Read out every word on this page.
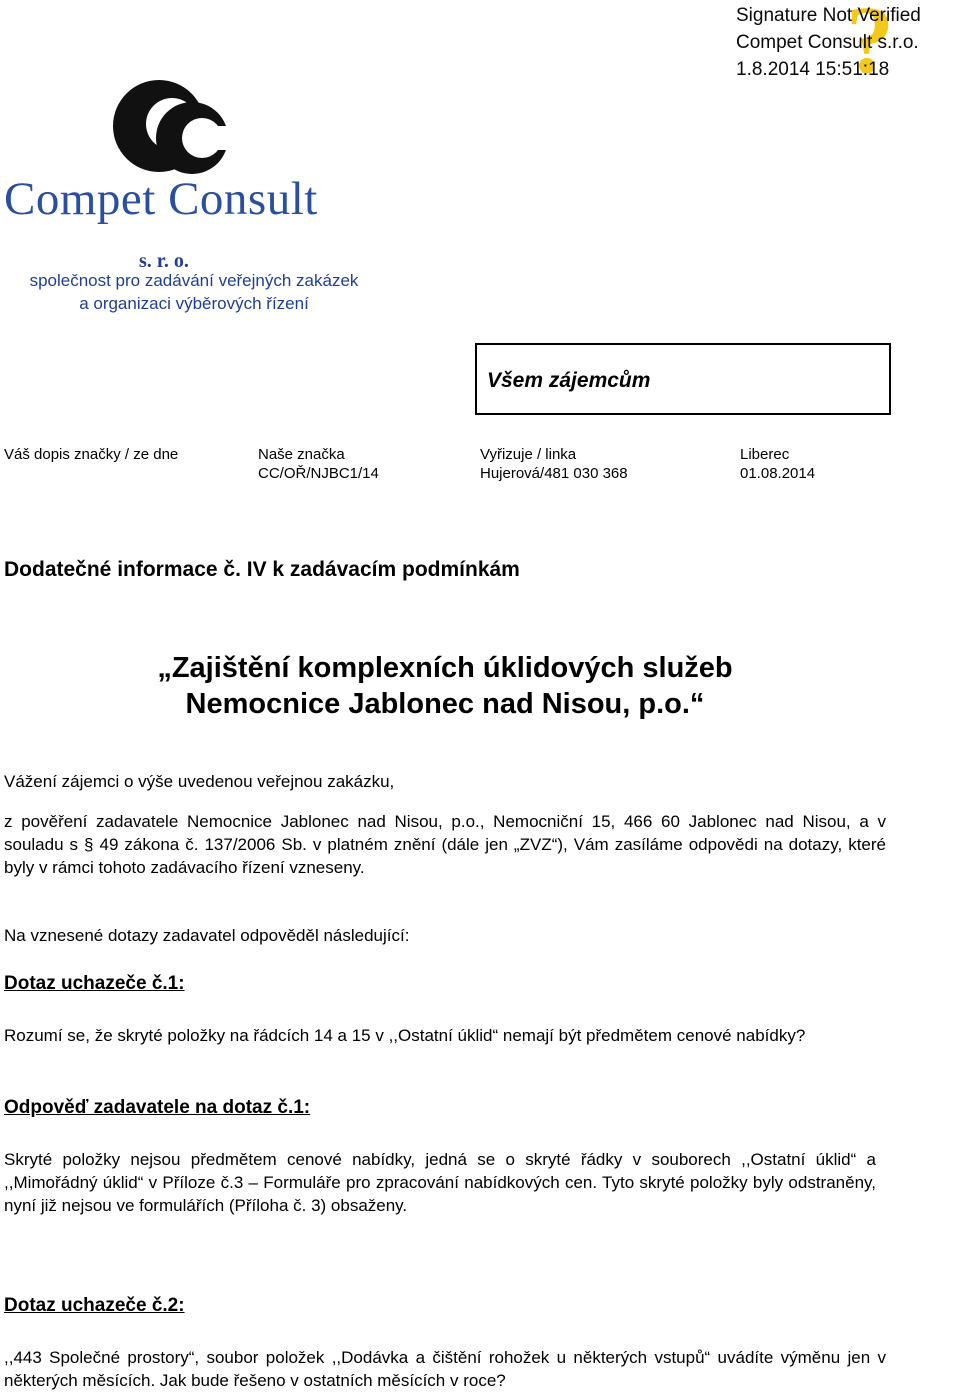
?
Signature Not Verified
Compet Consult s.r.o.
1.8.2014 15:51:18
Compet Consult
s. r. o.
společnost pro zadávání veřejných zakázek
a organizaci výběrových řízení
Všem zájemcům
Váš dopis značky / ze dne	Naše značka
CC/OŘ/NJBC1/14
Vyřizuje / linka
Hujerová/481 030 368
Liberec
01.08.2014
Dodatečné informace č. IV k zadávacím podmínkám
„Zajištění komplexních úklidových služeb
Nemocnice Jablonec nad Nisou, p.o.“
Vážení zájemci o výše uvedenou veřejnou zakázku,
z pověření zadavatele Nemocnice Jablonec nad Nisou, p.o., Nemocniční 15, 466 60 Jablonec nad Nisou, a v souladu s § 49 zákona č. 137/2006 Sb. v platném znění (dále jen „ZVZ“), Vám zasíláme odpovědi na dotazy, které byly v rámci tohoto zadávacího řízení vzneseny.
Na vznesené dotazy zadavatel odpověděl následující:
Dotaz uchazeče č.1:
Rozumí se, že skryté položky na řádcích 14 a 15 v ,,Ostatní úklid“ nemají být předmětem cenové nabídky?
Odpověď zadavatele na dotaz č.1:
Skryté položky nejsou předmětem cenové nabídky, jedná se o skryté řádky v souborech ,,Ostatní úklid“ a ,,Mimořádný úklid“ v Příloze č.3 – Formuláře pro zpracování nabídkových cen. Tyto skryté položky byly odstraněny, nyní již nejsou ve formulářích (Příloha č. 3) obsaženy.
Dotaz uchazeče č.2:
,,443 Společné prostory“, soubor položek ,,Dodávka a čištění rohožek u některých vstupů“ uvádíte výměnu jen v některých měsících. Jak bude řešeno v ostatních měsících v roce?
